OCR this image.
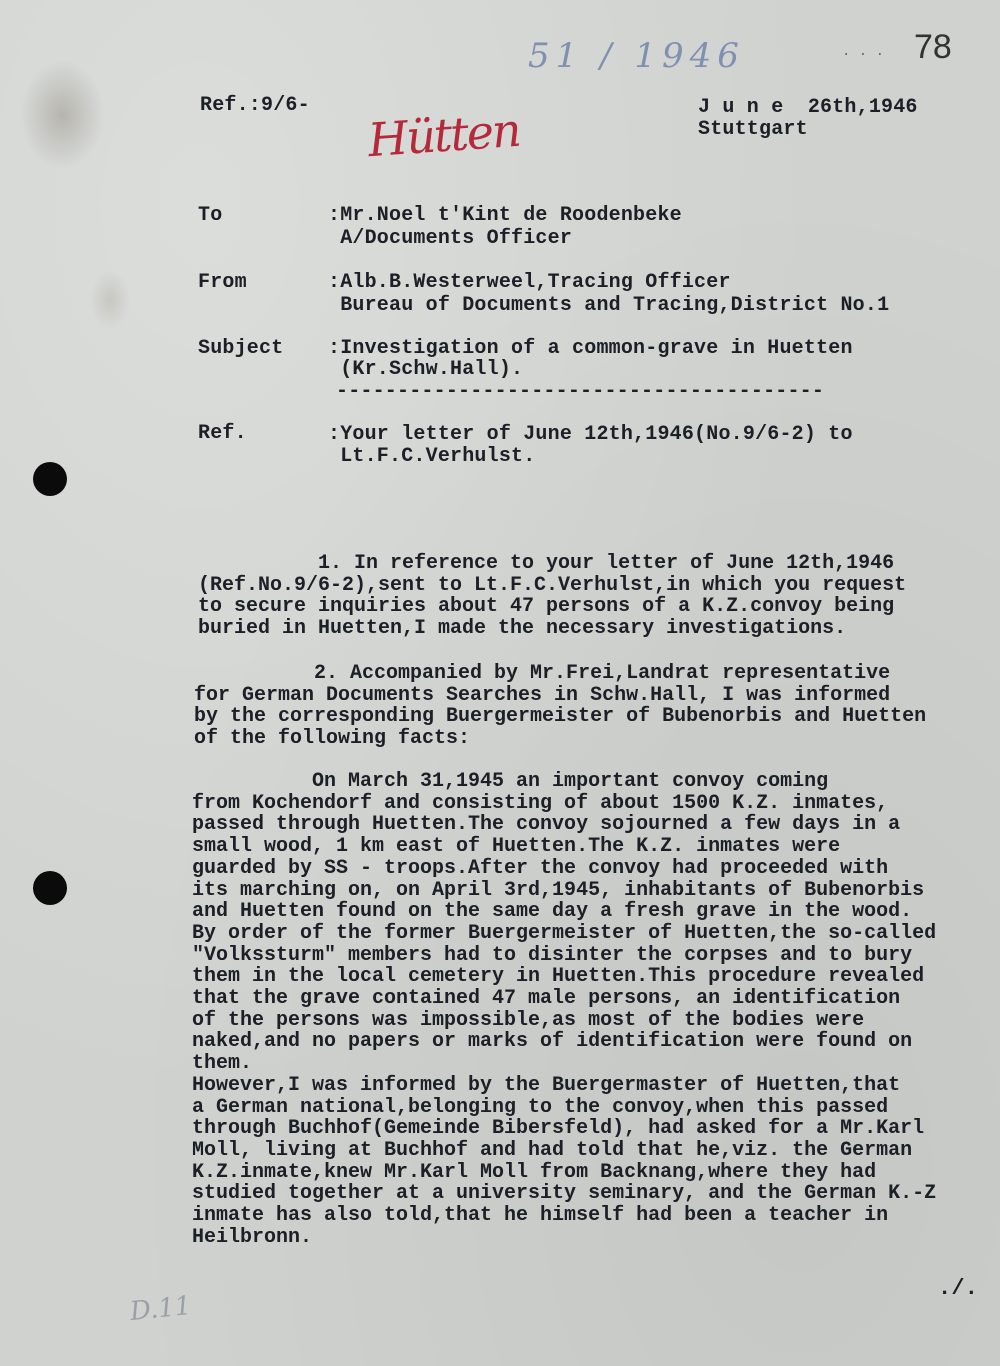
51 / 1946	. . . 78
Ref.:9/6- Hütten	J u n e  26th,1946
Stuttgart
To	:Mr.Noel t'Kint de Roodenbeke
A/Documents Officer
From	:Alb.B.Westerweel,Tracing Officer
Bureau of Documents and Tracing,District No.1
Subject :Investigation of a common-grave in Huetten
(Kr.Schw.Hall).
----------------------------------------
Ref.	:Your letter of June 12th,1946(No.9/6-2) to
Lt.F.C.Verhulst.
1. In reference to your letter of June 12th,1946
(Ref.No.9/6-2),sent to Lt.F.C.Verhulst,in which you request
to secure inquiries about 47 persons of a K.Z.convoy being
buried in Huetten,I made the necessary investigations.
2. Accompanied by Mr.Frei,Landrat representative
for German Documents Searches in Schw.Hall, I was informed
by the corresponding Buergermeister of Bubenorbis and Huetten
of the following facts:
On March 31,1945 an important convoy coming
from Kochendorf and consisting of about 1500 K.Z. inmates,
passed through Huetten.The convoy sojourned a few days in a
small wood, 1 km east of Huetten.The K.Z. inmates were
guarded by SS - troops.After the convoy had proceeded with
its marching on, on April 3rd,1945, inhabitants of Bubenorbis
and Huetten found on the same day a fresh grave in the wood.
By order of the former Buergermeister of Huetten,the so-called
"Volkssturm" members had to disinter the corpses and to bury
them in the local cemetery in Huetten.This procedure revealed
that the grave contained 47 male persons, an identification
of the persons was impossible,as most of the bodies were
naked,and no papers or marks of identification were found on
them.
However,I was informed by the Buergermaster of Huetten,that
a German national,belonging to the convoy,when this passed
through Buchhof(Gemeinde Bibersfeld), had asked for a Mr.Karl
Moll, living at Buchhof and had told that he,viz. the German
K.Z.inmate,knew Mr.Karl Moll from Backnang,where they had
studied together at a university seminary, and the German K.-Z
inmate has also told,that he himself had been a teacher in
Heilbronn.
./.
D.11
